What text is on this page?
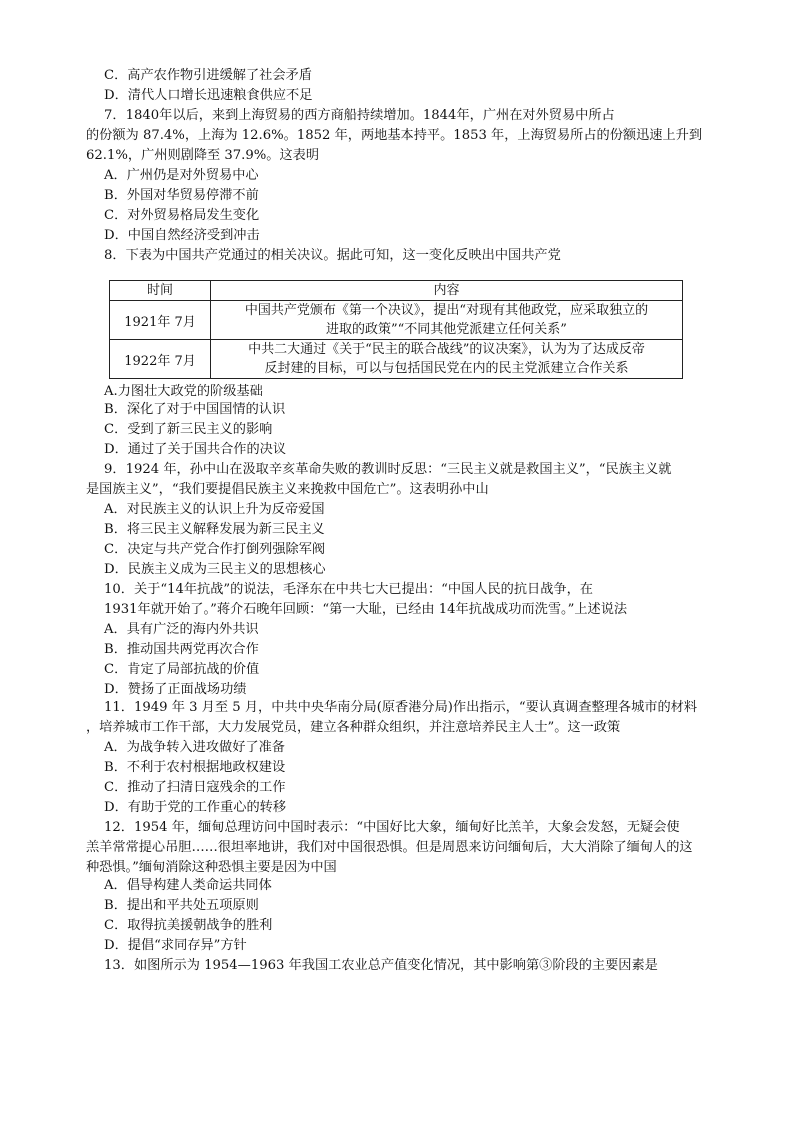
C．高产农作物引进缓解了社会矛盾
D．清代人口增长迅速粮食供应不足
7．1840年以后，来到上海贸易的西方商船持续增加。1844年，广州在对外贸易中所占
的份额为 87.4%，上海为 12.6%。1852 年，两地基本持平。1853 年，上海贸易所占的份额迅速上升到
62.1%，广州则剧降至 37.9%。这表明
A．广州仍是对外贸易中心
B．外国对华贸易停滞不前
C．对外贸易格局发生变化
D．中国自然经济受到冲击
8．下表为中国共产党通过的相关决议。据此可知，这一变化反映出中国共产党
时间	内容
1921年 7月	中国共产党颁布《第一个决议》，提出“对现有其他政党，应采取独立的
进取的政策”“不同其他党派建立任何关系”

1922年 7月	中共二大通过《关于“民主的联合战线”的议决案》，认为为了达成反帝
反封建的目标，可以与包括国民党在内的民主党派建立合作关系
A.力图壮大政党的阶级基础
B．深化了对于中国国情的认识
C．受到了新三民主义的影响
D．通过了关于国共合作的决议
9．1924 年，孙中山在汲取辛亥革命失败的教训时反思：“三民主义就是救国主义”，“民族主义就
是国族主义”，“我们要提倡民族主义来挽救中国危亡”。这表明孙中山
A．对民族主义的认识上升为反帝爱国
B．将三民主义解释发展为新三民主义
C．决定与共产党合作打倒列强除军阀
D．民族主义成为三民主义的思想核心
10．关于“14年抗战”的说法，毛泽东在中共七大已提出：“中国人民的抗日战争，在
1931年就开始了。”蒋介石晚年回顾：“第一大耻，已经由 14年抗战成功而洗雪。”上述说法
A．具有广泛的海内外共识
B．推动国共两党再次合作
C．肯定了局部抗战的价值
D．赞扬了正面战场功绩
11．1949 年 3 月至 5 月，中共中央华南分局(原香港分局)作出指示，“要认真调查整理各城市的材料
，培养城市工作干部，大力发展党员，建立各种群众组织，并注意培养民主人士”。这一政策
A．为战争转入进攻做好了准备
B．不利于农村根据地政权建设
C．推动了扫清日寇残余的工作
D．有助于党的工作重心的转移
12．1954 年，缅甸总理访问中国时表示：“中国好比大象，缅甸好比羔羊，大象会发怒，无疑会使
羔羊常常提心吊胆……很坦率地讲，我们对中国很恐惧。但是周恩来访问缅甸后，大大消除了缅甸人的这
种恐惧。”缅甸消除这种恐惧主要是因为中国
A．倡导构建人类命运共同体
B．提出和平共处五项原则
C．取得抗美援朝战争的胜利
D．提倡“求同存异”方针
13．如图所示为 1954—1963 年我国工农业总产值变化情况，其中影响第③阶段的主要因素是
